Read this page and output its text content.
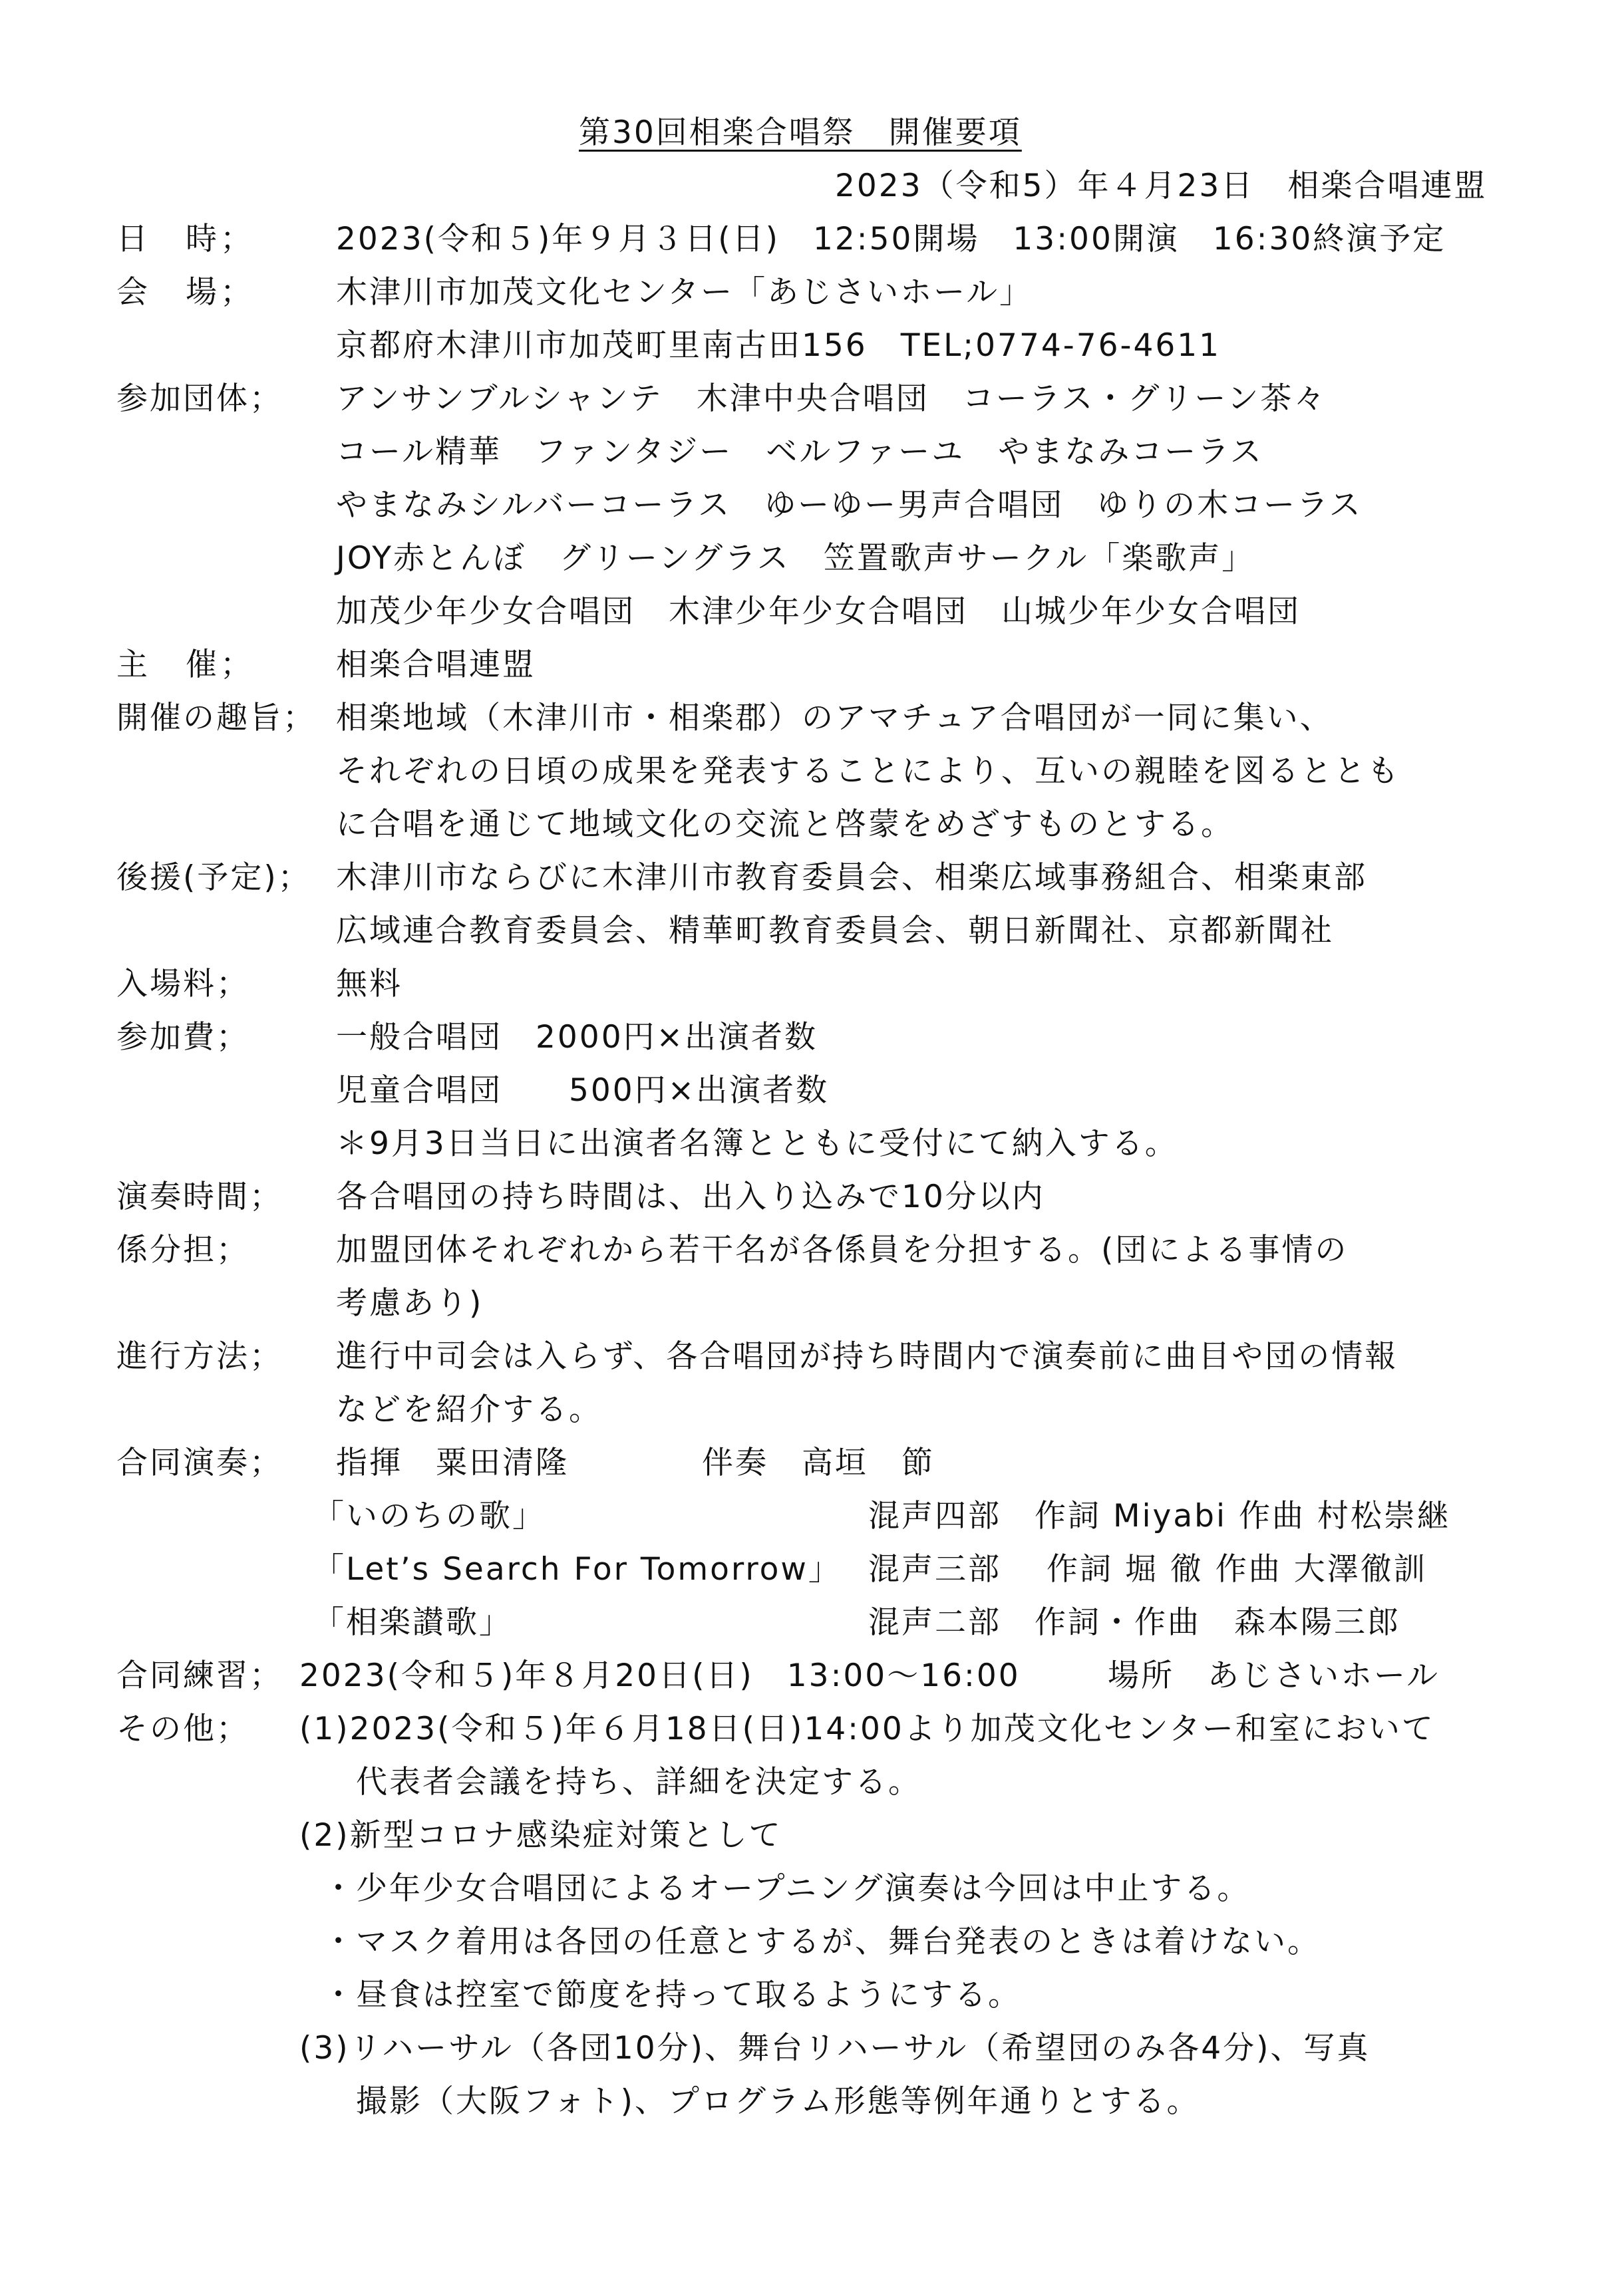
第30回相楽合唱祭　開催要項
2023（令和5）年４月23日　相楽合唱連盟
日　時；	2023(令和５)年９月３日(日)　12:50開場　13:00開演　16:30終演予定
会　場；	木津川市加茂文化センター「あじさいホール」
京都府木津川市加茂町里南古田156　TEL;0774-76-4611
参加団体； アンサンブルシャンテ　木津中央合唱団　コーラス・グリーン茶々
コール精華　ファンタジー　ベルファーユ　やまなみコーラス
やまなみシルバーコーラス　ゆーゆー男声合唱団　ゆりの木コーラス
JOY赤とんぼ　グリーングラス　笠置歌声サークル「楽歌声」
加茂少年少女合唱団　木津少年少女合唱団　山城少年少女合唱団
主　催；	相楽合唱連盟
開催の趣旨； 相楽地域（木津川市・相楽郡）のアマチュア合唱団が一同に集い、
それぞれの日頃の成果を発表することにより、互いの親睦を図るととも
に合唱を通じて地域文化の交流と啓蒙をめざすものとする。
後援(予定)； 木津川市ならびに木津川市教育委員会、相楽広域事務組合、相楽東部
広域連合教育委員会、精華町教育委員会、朝日新聞社、京都新聞社
入場料；	無料
参加費；	一般合唱団　2000円×出演者数
児童合唱団　　500円×出演者数
＊9月3日当日に出演者名簿とともに受付にて納入する。
演奏時間； 各合唱団の持ち時間は、出入り込みで10分以内
係分担；	加盟団体それぞれから若干名が各係員を分担する。(団による事情の
考慮あり)
進行方法； 進行中司会は入らず、各合唱団が持ち時間内で演奏前に曲目や団の情報
などを紹介する。
合同演奏； 指揮　粟田清隆	伴奏　高垣　節
「いのちの歌」	混声四部　作詞 Miyabi 作曲 村松崇継
「Let’s Search For Tomorrow」 混声三部　 作詞 堀 徹 作曲 大澤徹訓
「相楽讃歌」	混声二部　作詞・作曲　森本陽三郎
合同練習； 2023(令和５)年８月20日(日)　13:00～16:00	場所　あじさいホール
その他； (1)2023(令和５)年６月18日(日)14:00より加茂文化センター和室において
代表者会議を持ち、詳細を決定する。
(2)新型コロナ感染症対策として
・少年少女合唱団によるオープニング演奏は今回は中止する。
・マスク着用は各団の任意とするが、舞台発表のときは着けない。
・昼食は控室で節度を持って取るようにする。
(3)リハーサル（各団10分)、舞台リハーサル（希望団のみ各4分)、写真
撮影（大阪フォト)、プログラム形態等例年通りとする。
